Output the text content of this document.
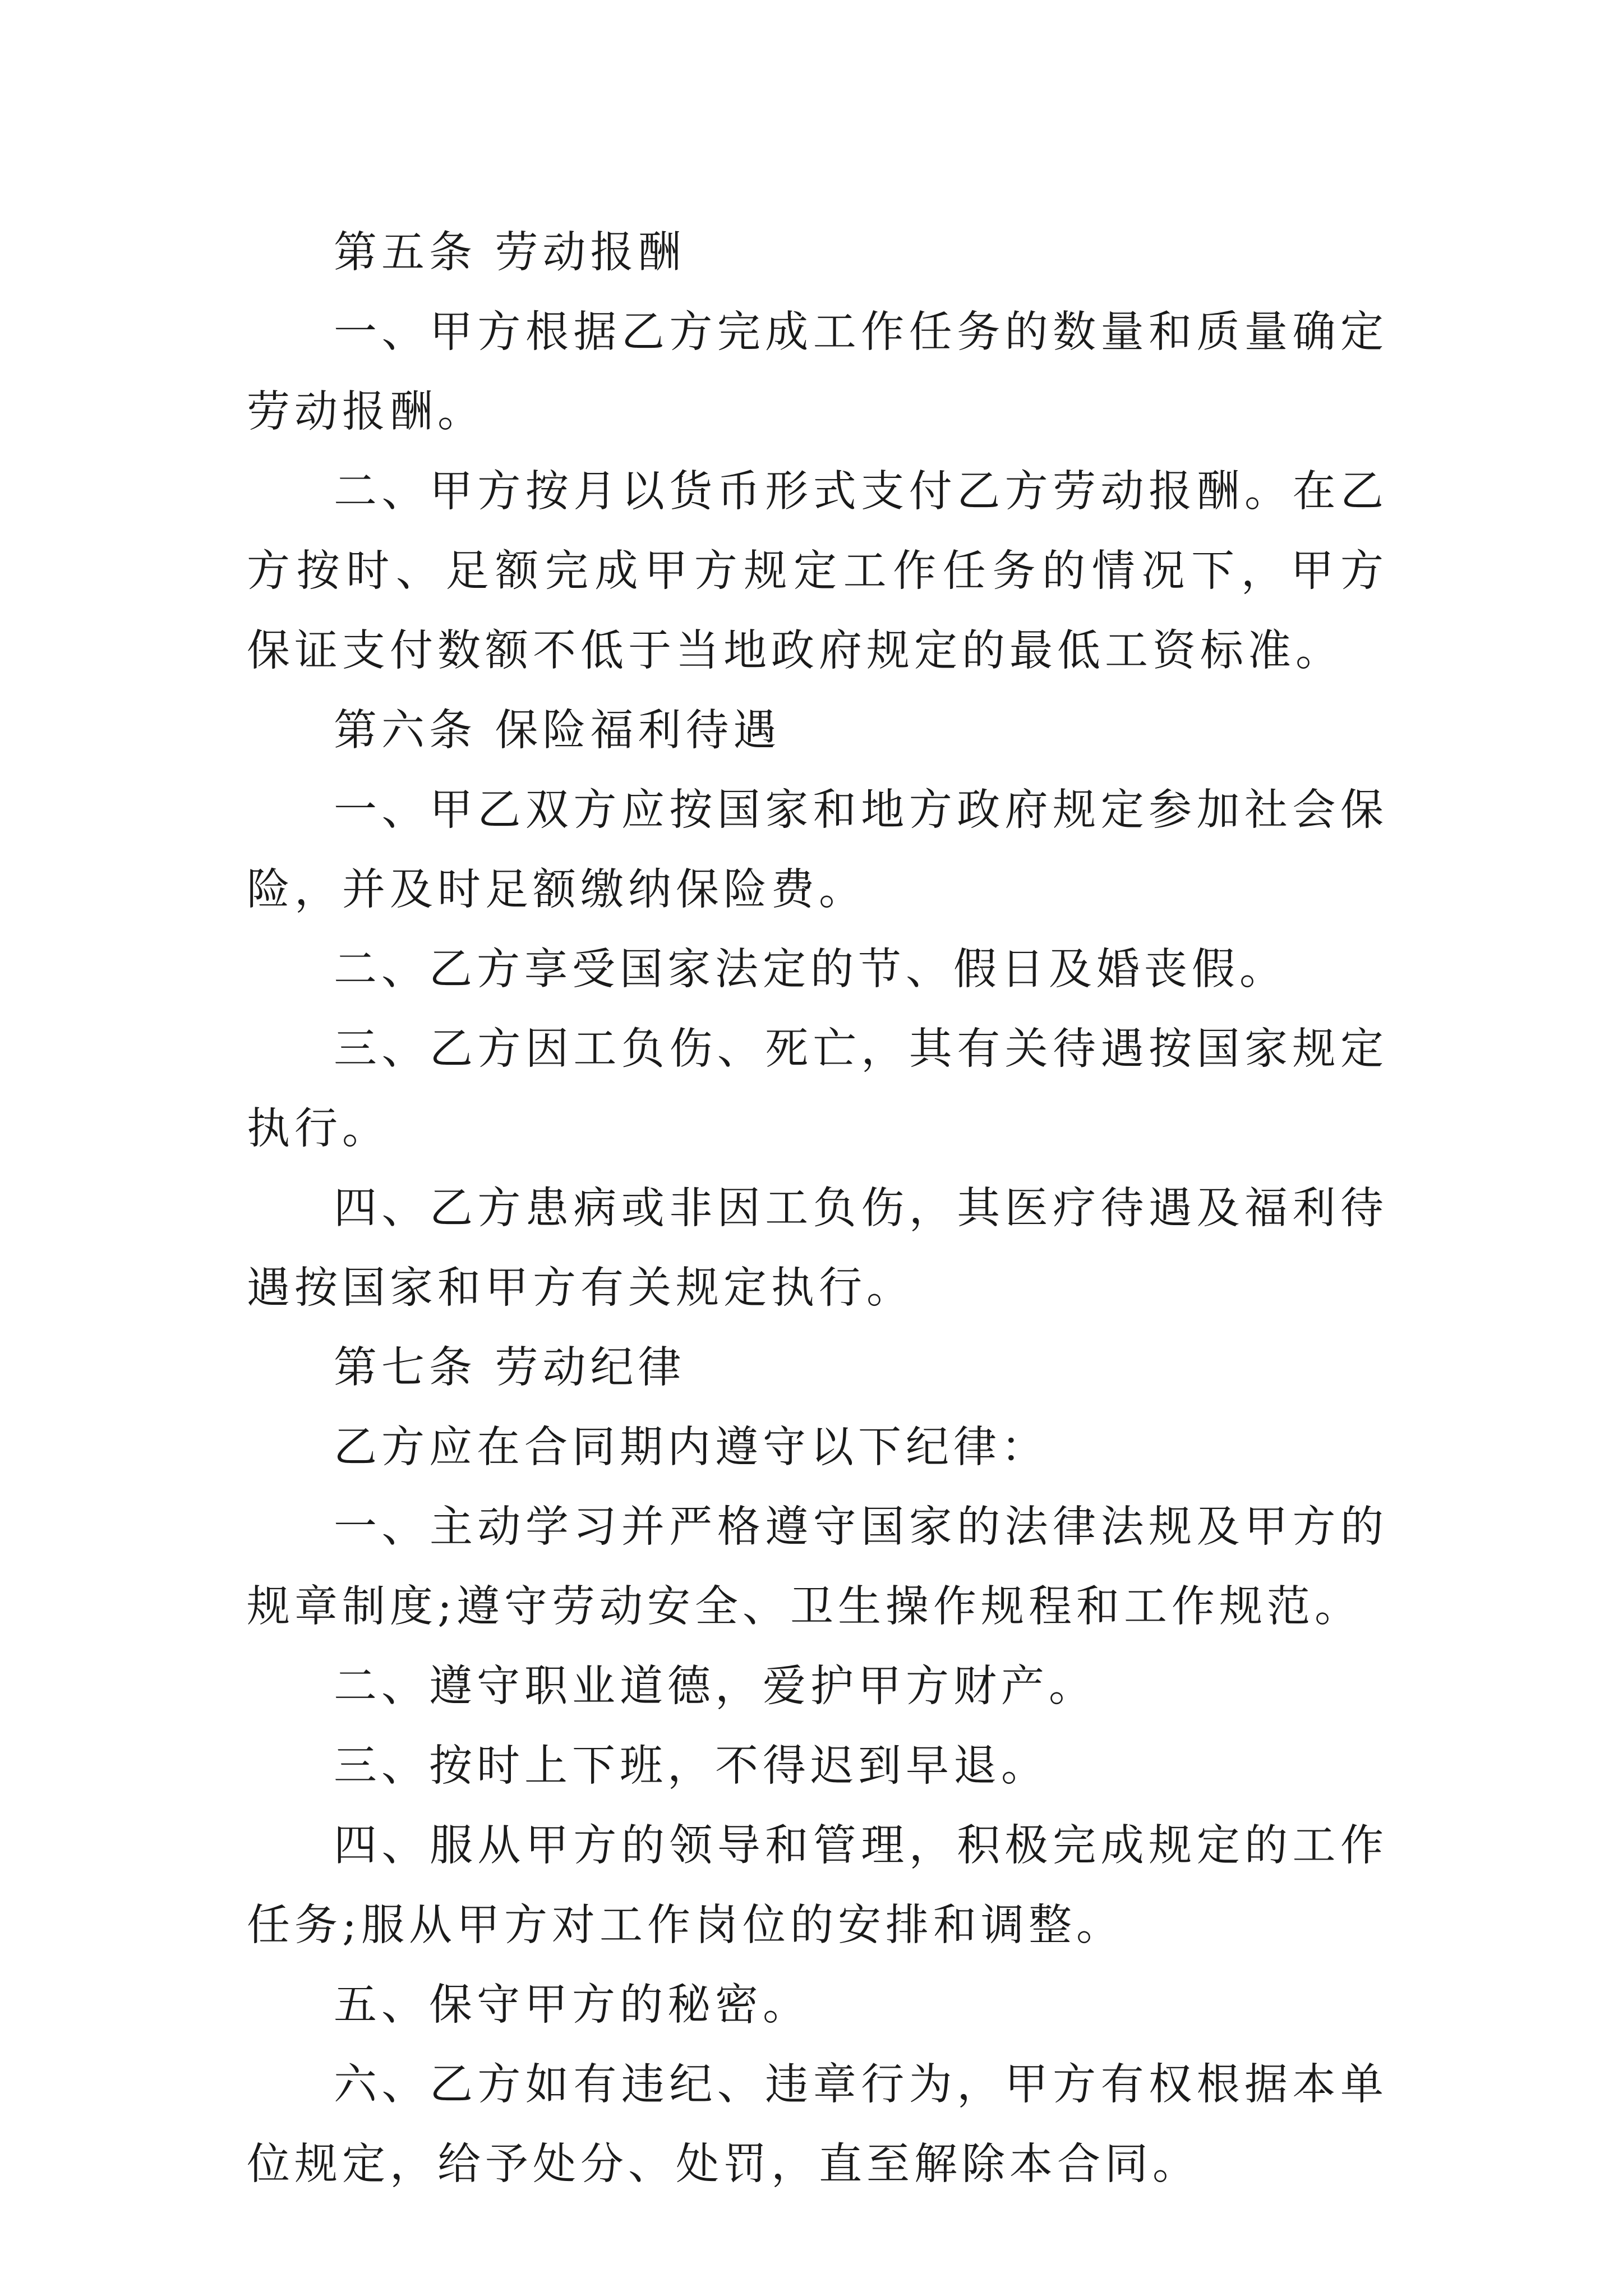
第五条 劳动报酬

一、甲方根据乙方完成工作任务的数量和质量确定劳动报酬。

二、甲方按月以货币形式支付乙方劳动报酬。在乙方按时、足额完成甲方规定工作任务的情况下，甲方保证支付数额不低于当地政府规定的最低工资标准。

第六条 保险福利待遇

一、甲乙双方应按国家和地方政府规定参加社会保险，并及时足额缴纳保险费。

二、乙方享受国家法定的节、假日及婚丧假。

三、乙方因工负伤、死亡，其有关待遇按国家规定执行。

四、乙方患病或非因工负伤，其医疗待遇及福利待遇按国家和甲方有关规定执行。

第七条 劳动纪律

乙方应在合同期内遵守以下纪律：

一、主动学习并严格遵守国家的法律法规及甲方的规章制度;遵守劳动安全、卫生操作规程和工作规范。

二、遵守职业道德，爱护甲方财产。

三、按时上下班，不得迟到早退。

四、服从甲方的领导和管理，积极完成规定的工作任务;服从甲方对工作岗位的安排和调整。

五、保守甲方的秘密。

六、乙方如有违纪、违章行为，甲方有权根据本单位规定，给予处分、处罚，直至解除本合同。
